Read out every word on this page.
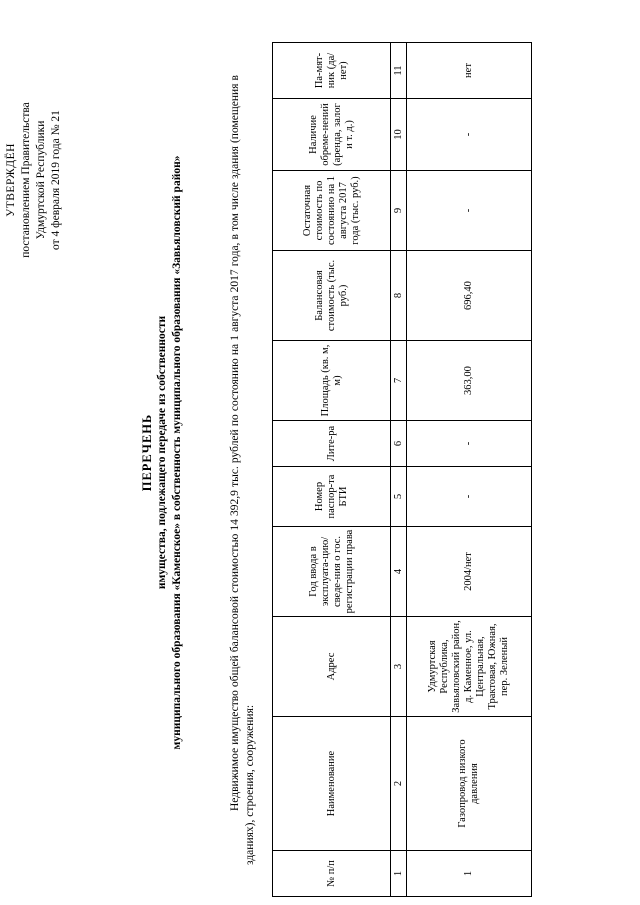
УТВЕРЖДЁН постановлением Правительства Удмуртской Республики от 4 февраля 2019 года № 21
ПЕРЕЧЕНЬ имущества, подлежащего передаче из собственности муниципального образования «Каменское» в собственность муниципального образования «Завьяловский район»	Недвижимое имущество общей балансовой стоимостью 14 392,9 тыс. рублей по состоянию на 1 августа 2017 года, в том числе здания (помещения в зданиях), строения, сооружения:
№ п/п	Наименование	Адрес	Год ввода в эксплуата-цию/сведе-ния о гос. регистрации права	Номер паспор-та БТИ	Лите-ра	Площадь (кв. м, м)	Балансовая стоимость (тыс. руб.)	Остаточная стоимость по состоянию на 1 августа 2017 года (тыс. руб.)	Наличие обреме-нений (аренда, залог и т. д.)	Па-мят-ник (да/нет)
1	2	3	4	5	6	7	8	9	10	11
1	Газопровод низкого давления	Удмуртская Республика, Завьяловский район, д. Каменное, ул. Центральная, Трактовая, Южная, пер. Зеленый	2004/нет	-	-	363,00	696,40	-	-	нет
